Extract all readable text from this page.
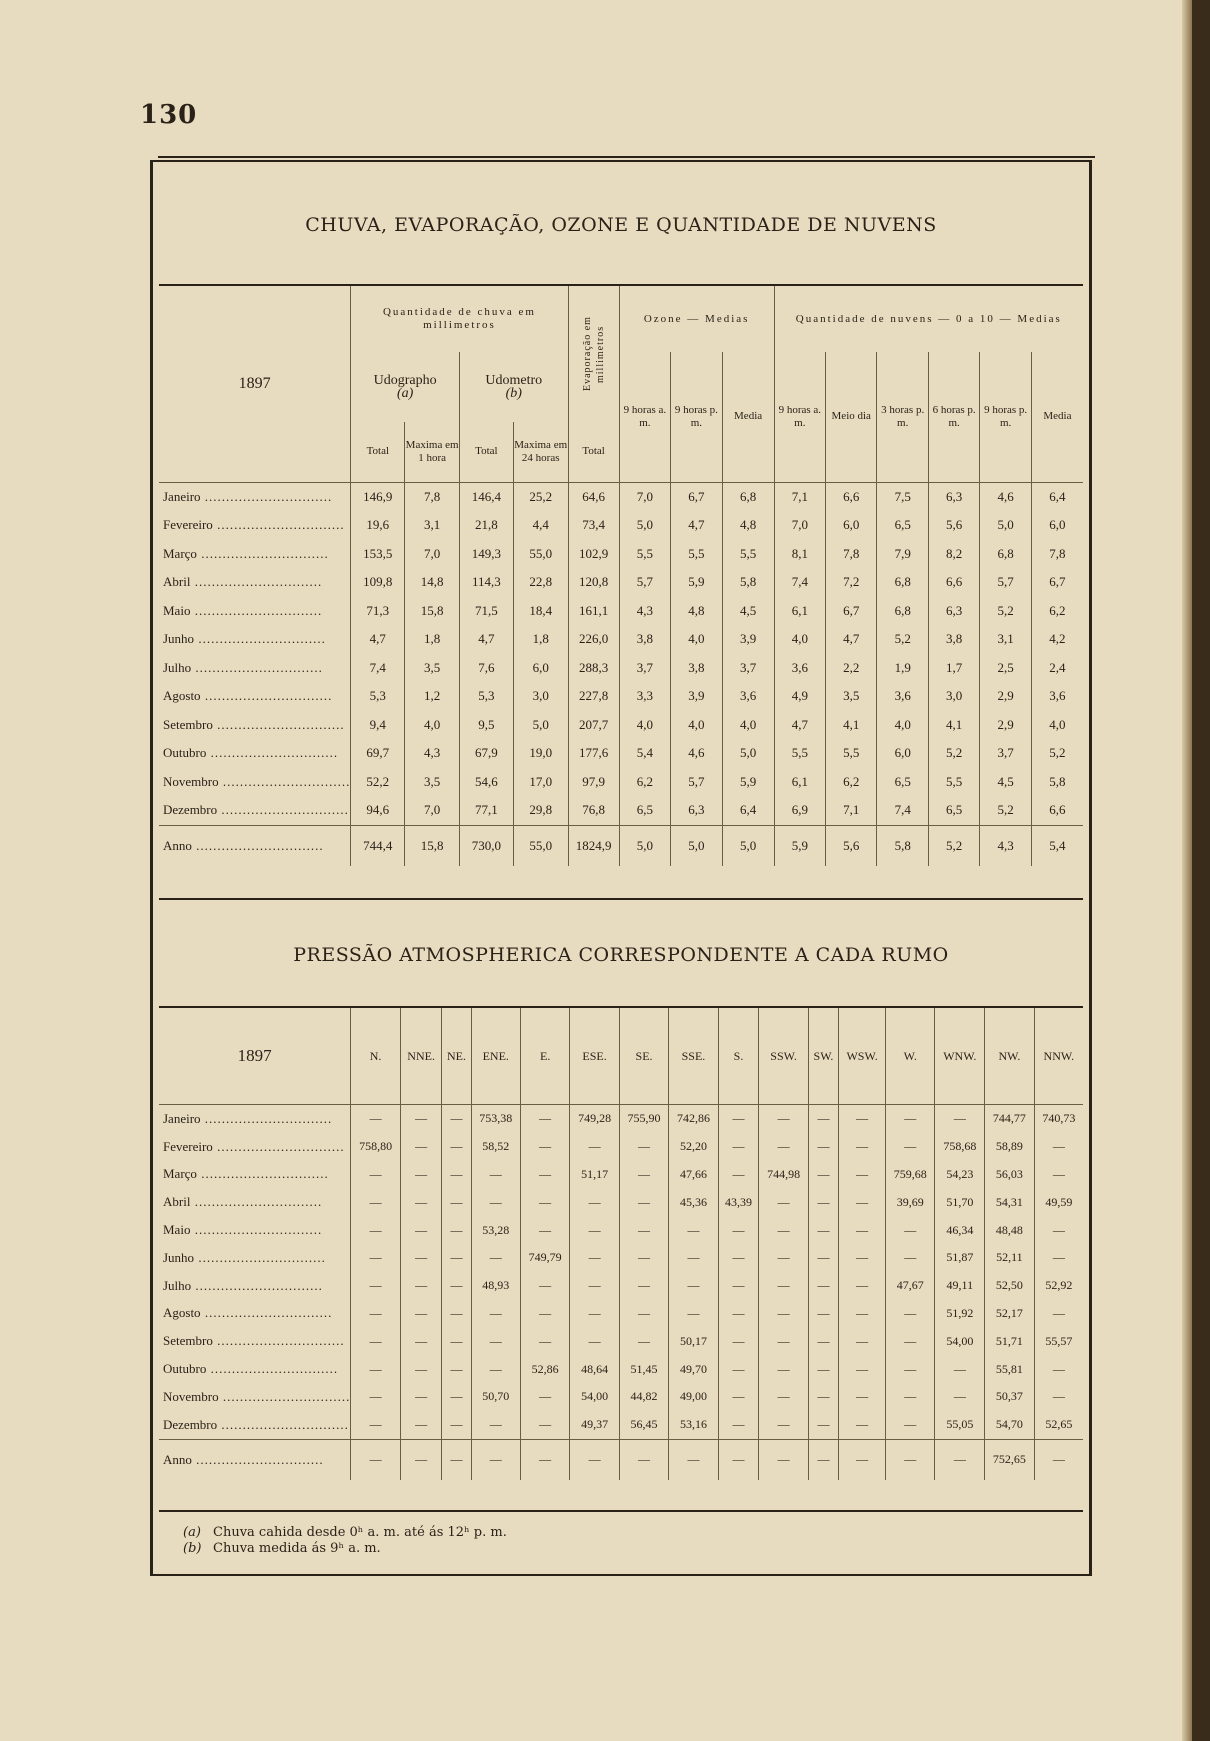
130
CHUVA, EVAPORAÇÃO, OZONE E QUANTIDADE DE NUVENS
1897	Quantidade de chuva em millimetros				Evaporação em millimetros	Ozone — Medias			Quantidade de nuvens — 0 a 10 — Medias					
	Udographo
(a)		Udometro
(b)			9 horas a. m.	9 horas p. m.	Media	9 horas a. m.	Meio dia	3 horas p. m.	6 horas p. m.	9 horas p. m.	Media
	Total	Maxima em 1 hora	Total	Maxima em 24 horas	Total									
Janeiro ..............................	146,9	7,8	146,4	25,2	64,6	7,0	6,7	6,8	7,1	6,6	7,5	6,3	4,6	6,4
Fevereiro ..............................	19,6	3,1	21,8	4,4	73,4	5,0	4,7	4,8	7,0	6,0	6,5	5,6	5,0	6,0
Março ..............................	153,5	7,0	149,3	55,0	102,9	5,5	5,5	5,5	8,1	7,8	7,9	8,2	6,8	7,8
Abril ..............................	109,8	14,8	114,3	22,8	120,8	5,7	5,9	5,8	7,4	7,2	6,8	6,6	5,7	6,7
Maio ..............................	71,3	15,8	71,5	18,4	161,1	4,3	4,8	4,5	6,1	6,7	6,8	6,3	5,2	6,2
Junho ..............................	4,7	1,8	4,7	1,8	226,0	3,8	4,0	3,9	4,0	4,7	5,2	3,8	3,1	4,2
Julho ..............................	7,4	3,5	7,6	6,0	288,3	3,7	3,8	3,7	3,6	2,2	1,9	1,7	2,5	2,4
Agosto ..............................	5,3	1,2	5,3	3,0	227,8	3,3	3,9	3,6	4,9	3,5	3,6	3,0	2,9	3,6
Setembro ..............................	9,4	4,0	9,5	5,0	207,7	4,0	4,0	4,0	4,7	4,1	4,0	4,1	2,9	4,0
Outubro ..............................	69,7	4,3	67,9	19,0	177,6	5,4	4,6	5,0	5,5	5,5	6,0	5,2	3,7	5,2
Novembro ..............................	52,2	3,5	54,6	17,0	97,9	6,2	5,7	5,9	6,1	6,2	6,5	5,5	4,5	5,8
Dezembro ..............................	94,6	7,0	77,1	29,8	76,8	6,5	6,3	6,4	6,9	7,1	7,4	6,5	5,2	6,6
Anno ..............................	744,4	15,8	730,0	55,0	1824,9	5,0	5,0	5,0	5,9	5,6	5,8	5,2	4,3	5,4
PRESSÃO ATMOSPHERICA CORRESPONDENTE A CADA RUMO
1897	N.	NNE.	NE.	ENE.	E.	ESE.	SE.	SSE.	S.	SSW.	SW.	WSW.	W.	WNW.	NW.	NNW.
Janeiro ..............................	—	—	—	753,38	—	749,28	755,90	742,86	—	—	—	—	—	—	744,77	740,73
Fevereiro ..............................	758,80	—	—	58,52	—	—	—	52,20	—	—	—	—	—	758,68	58,89	—
Março ..............................	—	—	—	—	—	51,17	—	47,66	—	744,98	—	—	759,68	54,23	56,03	—
Abril ..............................	—	—	—	—	—	—	—	45,36	43,39	—	—	—	39,69	51,70	54,31	49,59
Maio ..............................	—	—	—	53,28	—	—	—	—	—	—	—	—	—	46,34	48,48	—
Junho ..............................	—	—	—	—	749,79	—	—	—	—	—	—	—	—	51,87	52,11	—
Julho ..............................	—	—	—	48,93	—	—	—	—	—	—	—	—	47,67	49,11	52,50	52,92
Agosto ..............................	—	—	—	—	—	—	—	—	—	—	—	—	—	51,92	52,17	—
Setembro ..............................	—	—	—	—	—	—	—	50,17	—	—	—	—	—	54,00	51,71	55,57
Outubro ..............................	—	—	—	—	52,86	48,64	51,45	49,70	—	—	—	—	—	—	55,81	—
Novembro ..............................	—	—	—	50,70	—	54,00	44,82	49,00	—	—	—	—	—	—	50,37	—
Dezembro ..............................	—	—	—	—	—	49,37	56,45	53,16	—	—	—	—	—	55,05	54,70	52,65
Anno ..............................	—	—	—	—	—	—	—	—	—	—	—	—	—	—	752,65	—
(a) Chuva cahida desde 0ʰ a. m. até ás 12ʰ p. m.
(b) Chuva medida ás 9ʰ a. m.
